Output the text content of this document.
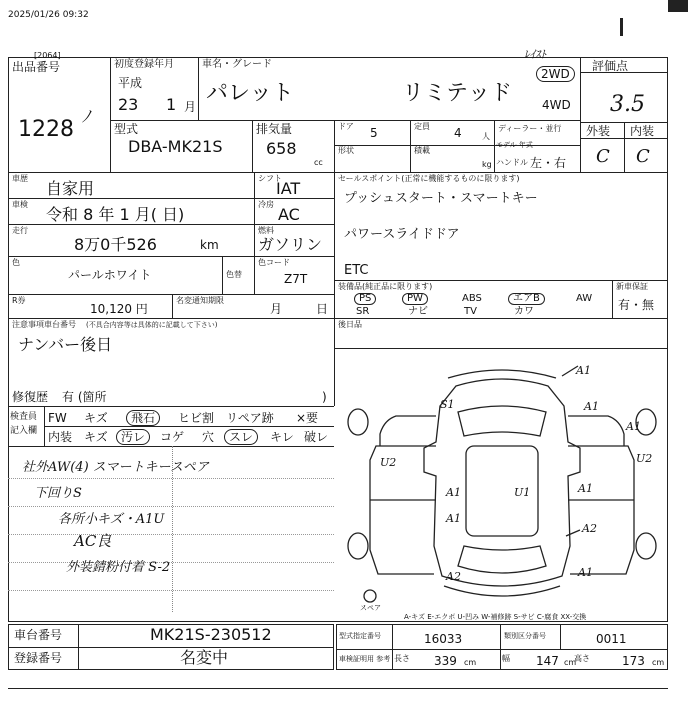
2025/01/26 09:32
[2064]
出品番号
1228
ﾉ
初度登録年月
平成
23 1 月
車名・グレード
パレット	リミテッド
2WD
4WD
ﾚｲｽﾄ
評価点
3.5
外装 内装
C C
型式
DBA-MK21S
排気量
658
cc
ドア 5	定員 4	人
ディーラー・並行
形状	積載
kg
モデル 年式
ハンドル 左・右
車歴
自家用
車検
令和 8 年 1 月( 日)
走行
8万0千526	km
色
パールホワイト	色替
シフト
IAT
冷房
AC
燃料
ガソリン
色コード
Z7T
R券
10,120 円
名変通知期限
月	日
セールスポイント(正常に機能するものに限ります)
プッシュスタート・スマートキー
パワースライドドア
ETC
装備品(純正品に限ります)	新車保証
有・無
PS	PW	ABS	エアB	AW
SR	ナビ	TV	カワ
後日品
注意事項車台番号 (不具合内容等は具体的に記載して下さい)
ナンバー後日
修復歴 有 (箇所	)
検査員
記入欄
FW キズ	飛石	ヒビ割 リペア跡 ×要
内装 キズ	汚レ	コゲ 穴	スレ	キレ 破レ
社外AW(4) スマートキースペア
下回りS
各所小キズ・A1U
AC良
外装錆粉付着 S-2
A1
S1	A1
A1
U2	U2
U1
A1	A1
A1
A2
A2	A1
スペア
A-キズ E-エクボ U-凹み W-補修跡 S-サビ C-腐食 XX-交換
車台番号	MK21S-230512
登録番号	名変中
型式指定番号	16033	類別区分番号	0011
車検証明用 参考 長さ 339 cm	幅 147 cm
高さ	173 cm
